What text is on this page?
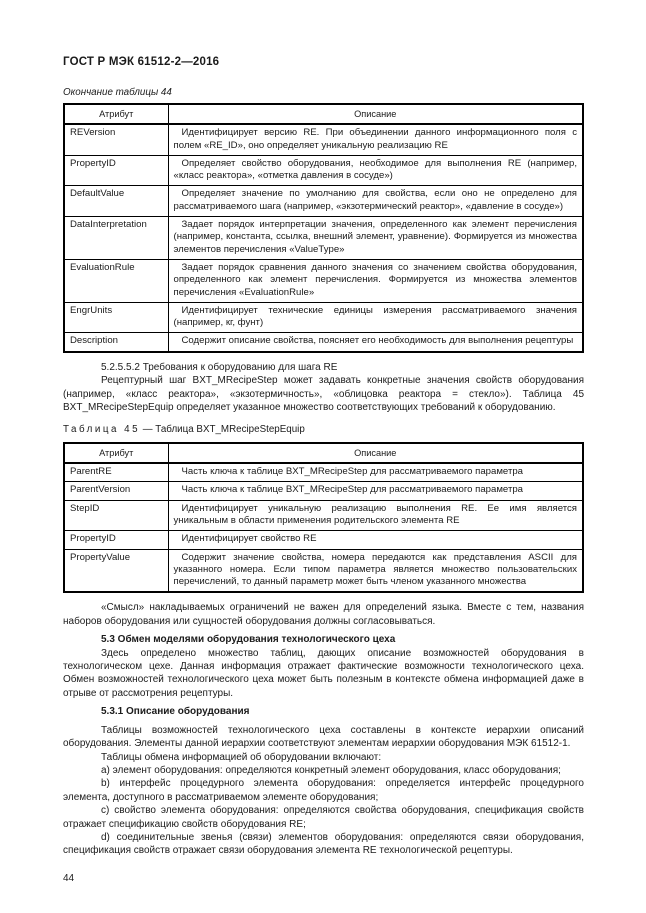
ГОСТ Р МЭК 61512-2—2016
Окончание таблицы 44
Атрибут	Описание
REVersion	Идентифицирует версию RE. При объединении данного информационного поля с полем «RE_ID», оно определяет уникальную реализацию RE
PropertyID	Определяет свойство оборудования, необходимое для выполнения RE (например, «класс реактора», «отметка давления в сосуде»)
DefaultValue	Определяет значение по умолчанию для свойства, если оно не определено для рассматриваемого шага (например, «экзотермический реактор», «давление в сосуде»)
DataInterpretation	Задает порядок интерпретации значения, определенного как элемент перечисления (например, константа, ссылка, внешний элемент, уравнение). Формируется из множества элементов перечисления «ValueType»
EvaluationRule	Задает порядок сравнения данного значения со значением свойства оборудования, определенного как элемент перечисления. Формируется из множества элементов перечисления «EvaluationRule»
EngrUnits	Идентифицирует технические единицы измерения рассматриваемого значения (например, кг, фунт)
Description	Содержит описание свойства, поясняет его необходимость для выполнения рецептуры

5.2.5.5.2 Требования к оборудованию для шага RE

Рецептурный шаг BXT_MRecipeStep может задавать конкретные значения свойств оборудования (например, «класс реактора», «экзотермичность», «облицовка реактора = стекло»). Таблица 45 BXT_MRecipeStepEquip определяет указанное множество соответствующих требований к оборудованию.

Таблица 45 — Таблица BXT_MRecipeStepEquip

Атрибут	Описание
ParentRE	Часть ключа к таблице BXT_MRecipeStep для рассматриваемого параметра
ParentVersion	Часть ключа к таблице BXT_MRecipeStep для рассматриваемого параметра
StepID	Идентифицирует уникальную реализацию выполнения RE. Ее имя является уникальным в области применения родительского элемента RE
PropertyID	Идентифицирует свойство RE
PropertyValue	Содержит значение свойства, номера передаются как представления ASCII для указанного номера. Если типом параметра является множество пользовательских перечислений, то данный параметр может быть членом указанного множества

«Смысл» накладываемых ограничений не важен для определений языка. Вместе с тем, названия наборов оборудования или сущностей оборудования должны согласовываться.

5.3 Обмен моделями оборудования технологического цеха

Здесь определено множество таблиц, дающих описание возможностей оборудования в технологическом цехе. Данная информация отражает фактические возможности технологического цеха. Обмен возможностей технологического цеха может быть полезным в контексте обмена информацией даже в отрыве от рассмотрения рецептуры.

5.3.1 Описание оборудования

Таблицы возможностей технологического цеха составлены в контексте иерархии описаний оборудования. Элементы данной иерархии соответствуют элементам иерархии оборудования МЭК 61512-1.

Таблицы обмена информацией об оборудовании включают:

a) элемент оборудования: определяются конкретный элемент оборудования, класс оборудования;

b) интерфейс процедурного элемента оборудования: определяется интерфейс процедурного элемента, доступного в рассматриваемом элементе оборудования;

c) свойство элемента оборудования: определяются свойства оборудования, спецификация свойств отражает спецификацию свойств оборудования RE;

d) соединительные звенья (связи) элементов оборудования: определяются связи оборудования, спецификация свойств отражает связи оборудования элемента RE технологической рецептуры.

44
